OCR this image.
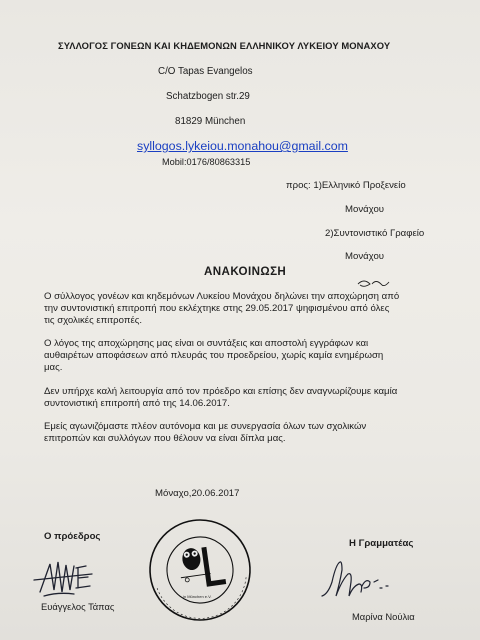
ΣΥΛΛΟΓΟΣ ΓΟΝΕΩΝ ΚΑΙ ΚΗΔΕΜΟΝΩΝ ΕΛΛΗΝΙΚΟΥ ΛΥΚΕΙΟΥ ΜΟΝΑΧΟΥ
C/O Tapas Evangelos
Schatzbogen str.29
81829 München
syllogos.lykeiou.monahou@gmail.com
Mobil:0176/80863315
προς: 1)Ελληνικό Προξενείο
Μονάχου
2)Συντονιστικό Γραφείο
Μονάχου
ΑΝΑΚΟΙΝΩΣΗ
Ο σύλλογος γονέων και κηδεμόνων Λυκείου Μονάχου δηλώνει την αποχώρηση από
την συντονιστική επιτροπή που εκλέχτηκε στης 29.05.2017 ψηφισμένου από όλες
τις σχολικές επιτροπές.
Ο λόγος της αποχώρησης μας είναι οι συντάξεις και αποστολή εγγράφων και
αυθαιρέτων αποφάσεων από πλευράς του προεδρείου, χωρίς καμία ενημέρωση
μας.
Δεν υπήρχε καλή λειτουργία από τον πρόεδρο και επίσης δεν αναγνωρίζουμε καμία
συντονιστική επιτροπή από της 14.06.2017.
Εμείς αγωνιζόμαστε πλέον αυτόνομα και με συνεργασία όλων των σχολικών
επιτροπών και συλλόγων που θέλουν να είναι δίπλα μας.
Μόναχο,20.06.2017
Ο πρόεδρος
Η Γραμματέας
Ευάγγελος Τάπας
Μαρίνα Νούλια
in München e.V.
